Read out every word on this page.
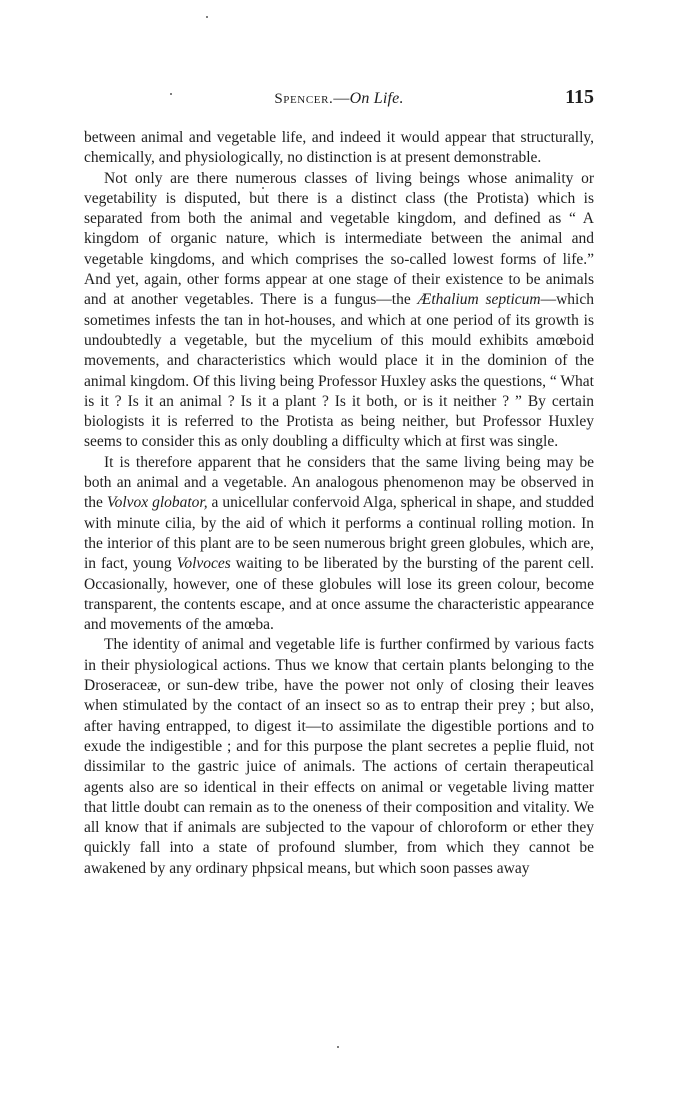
Spencer.—On Life.	115

between animal and vegetable life, and indeed it would appear that structurally, chemically, and physiologically, no distinction is at present demonstrable.

Not only are there numerous classes of living beings whose animality or vegetability is disputed, but there is a distinct class (the Protista) which is separated from both the animal and vegetable kingdom, and defined as “ A kingdom of organic nature, which is intermediate between the animal and vegetable kingdoms, and which comprises the so-called lowest forms of life.” And yet, again, other forms appear at one stage of their existence to be animals and at another vegetables. There is a fungus—the Æthalium septicum—which sometimes infests the tan in hot-houses, and which at one period of its growth is undoubtedly a vegetable, but the mycelium of this mould exhibits amœboid movements, and characteristics which would place it in the dominion of the animal kingdom. Of this living being Professor Huxley asks the questions, “ What is it ? Is it an animal ? Is it a plant ? Is it both, or is it neither ? ” By certain biologists it is referred to the Protista as being neither, but Professor Huxley seems to consider this as only doubling a difficulty which at first was single.

It is therefore apparent that he considers that the same living being may be both an animal and a vegetable. An analogous phenomenon may be observed in the Volvox globator, a unicellular confervoid Alga, spherical in shape, and studded with minute cilia, by the aid of which it performs a continual rolling motion. In the interior of this plant are to be seen numerous bright green globules, which are, in fact, young Volvoces waiting to be liberated by the bursting of the parent cell. Occasionally, however, one of these globules will lose its green colour, become transparent, the contents escape, and at once assume the characteristic appearance and movements of the amœba.

The identity of animal and vegetable life is further confirmed by various facts in their physiological actions. Thus we know that certain plants belonging to the Droseraceæ, or sun-dew tribe, have the power not only of closing their leaves when stimulated by the contact of an insect so as to entrap their prey ; but also, after having entrapped, to digest it—to assimilate the digestible portions and to exude the indigestible ; and for this purpose the plant secretes a peplie fluid, not dissimilar to the gastric juice of animals. The actions of certain therapeutical agents also are so identical in their effects on animal or vegetable living matter that little doubt can remain as to the oneness of their composition and vitality. We all know that if animals are subjected to the vapour of chloroform or ether they quickly fall into a state of profound slumber, from which they cannot be awakened by any ordinary phpsical means, but which soon passes away
